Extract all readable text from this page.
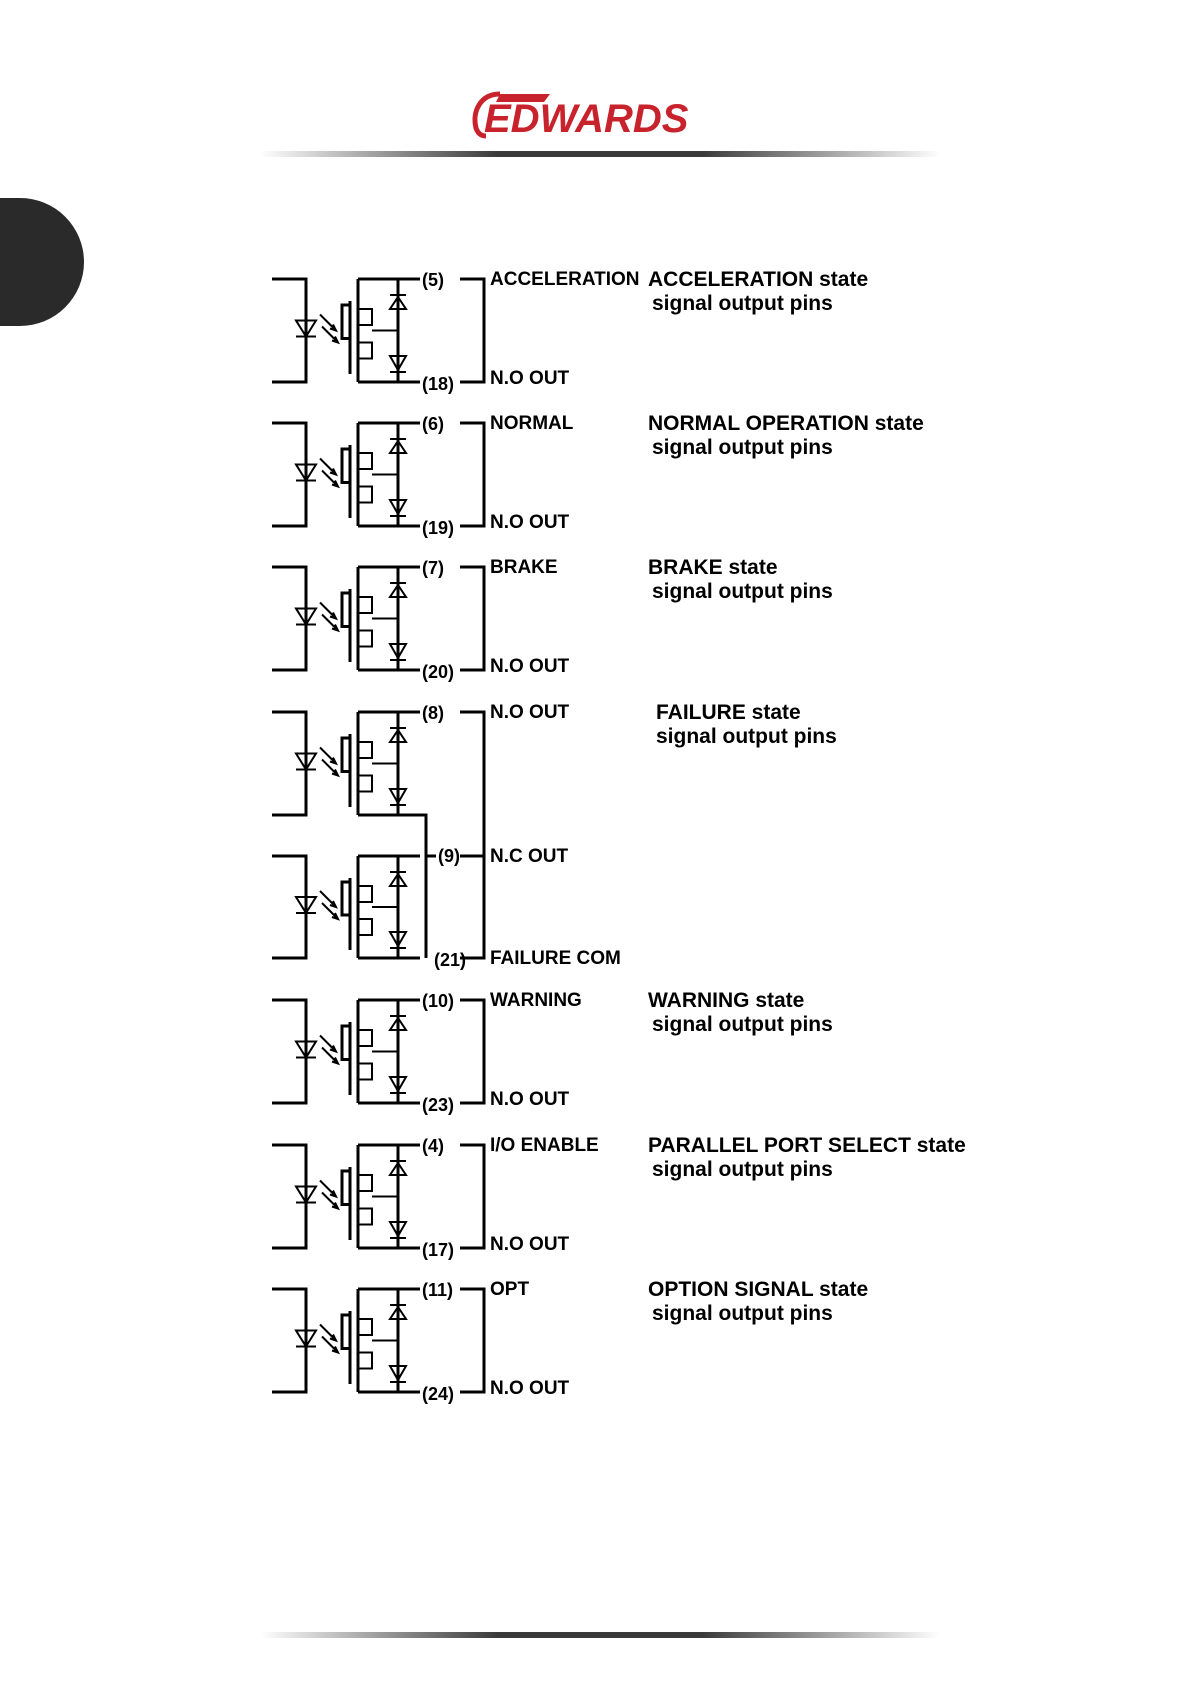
EDWARDS
(5)
(18)
ACCELERATION
N.O OUT
ACCELERATION state
signal output pins
(6)
(19)
NORMAL
N.O OUT
NORMAL OPERATION state
signal output pins
(7)
(20)
BRAKE
N.O OUT
BRAKE state
signal output pins
(10)
(23)
WARNING
N.O OUT
WARNING state
signal output pins
(4)
(17)
I/O ENABLE
N.O OUT
PARALLEL PORT SELECT state
signal output pins
(11)
(24)
OPT
N.O OUT
OPTION SIGNAL state
signal output pins
(8)
(9)
(21)
N.O OUT
N.C OUT
FAILURE COM
FAILURE state
signal output pins
